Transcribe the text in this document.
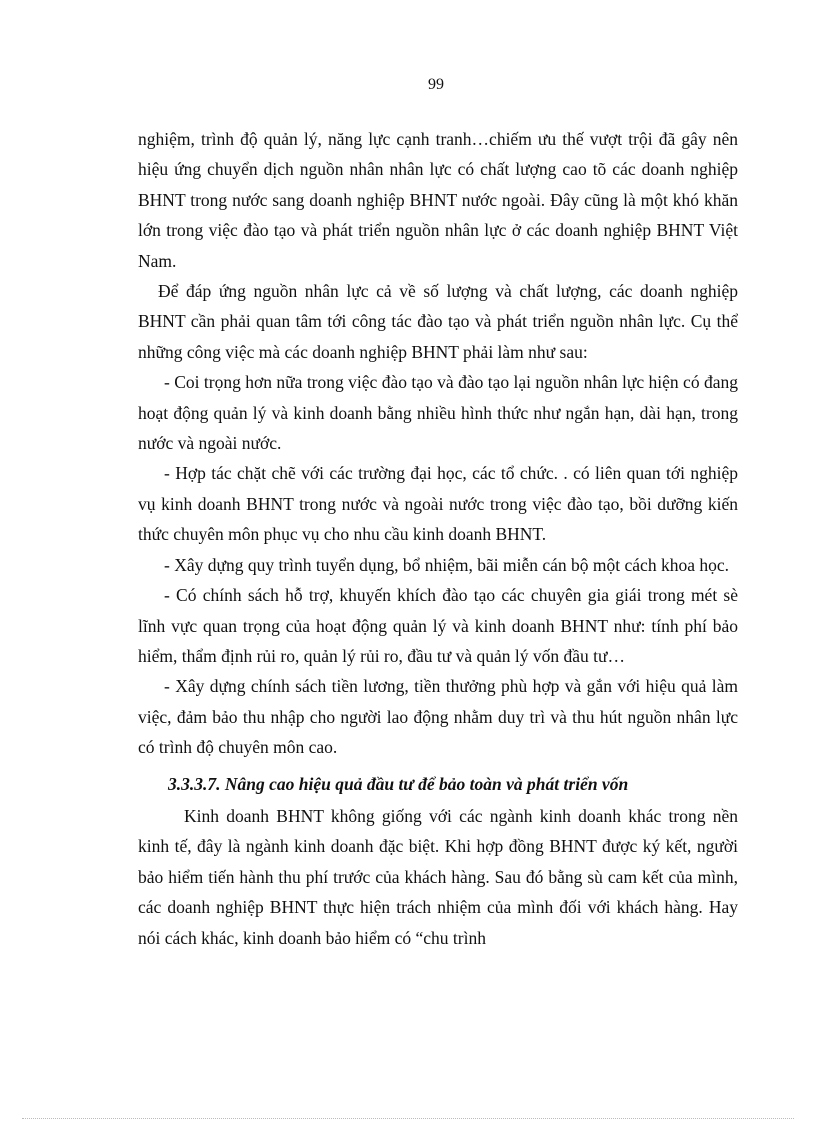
99

nghiệm, trình độ quản lý, năng lực cạnh tranh…chiếm ưu thế vượt trội đã gây nên hiệu ứng chuyển dịch nguồn nhân nhân lực có chất lượng cao tõ các doanh nghiệp BHNT trong nước sang doanh nghiệp BHNT nước ngoài. Đây cũng là một khó khăn lớn trong việc đào tạo và phát triển nguồn nhân lực ở các doanh nghiệp BHNT Việt Nam.

Để đáp ứng nguồn nhân lực cả về số lượng và chất lượng, các doanh nghiệp BHNT cần phải quan tâm tới công tác đào tạo và phát triển nguồn nhân lực. Cụ thể những công việc mà các doanh nghiệp BHNT phải làm như sau:

- Coi trọng hơn nữa trong việc đào tạo và đào tạo lại nguồn nhân lực hiện có đang hoạt động quản lý và kinh doanh bằng nhiều hình thức như ngắn hạn, dài hạn, trong nước và ngoài nước.

- Hợp tác chặt chẽ với các trường đại học, các tổ chức. . có liên quan tới nghiệp vụ kinh doanh BHNT trong nước và ngoài nước trong việc đào tạo, bồi dưỡng kiến thức chuyên môn phục vụ cho nhu cầu kinh doanh BHNT.

- Xây dựng quy trình tuyển dụng, bổ nhiệm, bãi miễn cán bộ một cách khoa học.

- Có chính sách hỗ trợ, khuyến khích đào tạo các chuyên gia giái trong mét sè lĩnh vực quan trọng của hoạt động quản lý và kinh doanh BHNT như: tính phí bảo hiểm, thẩm định rủi ro, quản lý rủi ro, đầu tư và quản lý vốn đầu tư…

- Xây dựng chính sách tiền lương, tiền thưởng phù hợp và gắn với hiệu quả làm việc, đảm bảo thu nhập cho người lao động nhằm duy trì và thu hút nguồn nhân lực có trình độ chuyên môn cao.

3.3.3.7. Nâng cao hiệu quả đầu tư để bảo toàn và phát triển vốn

Kinh doanh BHNT không giống với các ngành kinh doanh khác trong nền kinh tế, đây là ngành kinh doanh đặc biệt. Khi hợp đồng BHNT được ký kết, người bảo hiểm tiến hành thu phí trước của khách hàng. Sau đó bằng sù cam kết của mình, các doanh nghiệp BHNT thực hiện trách nhiệm của mình đối với khách hàng. Hay nói cách khác, kinh doanh bảo hiểm có “chu trình
